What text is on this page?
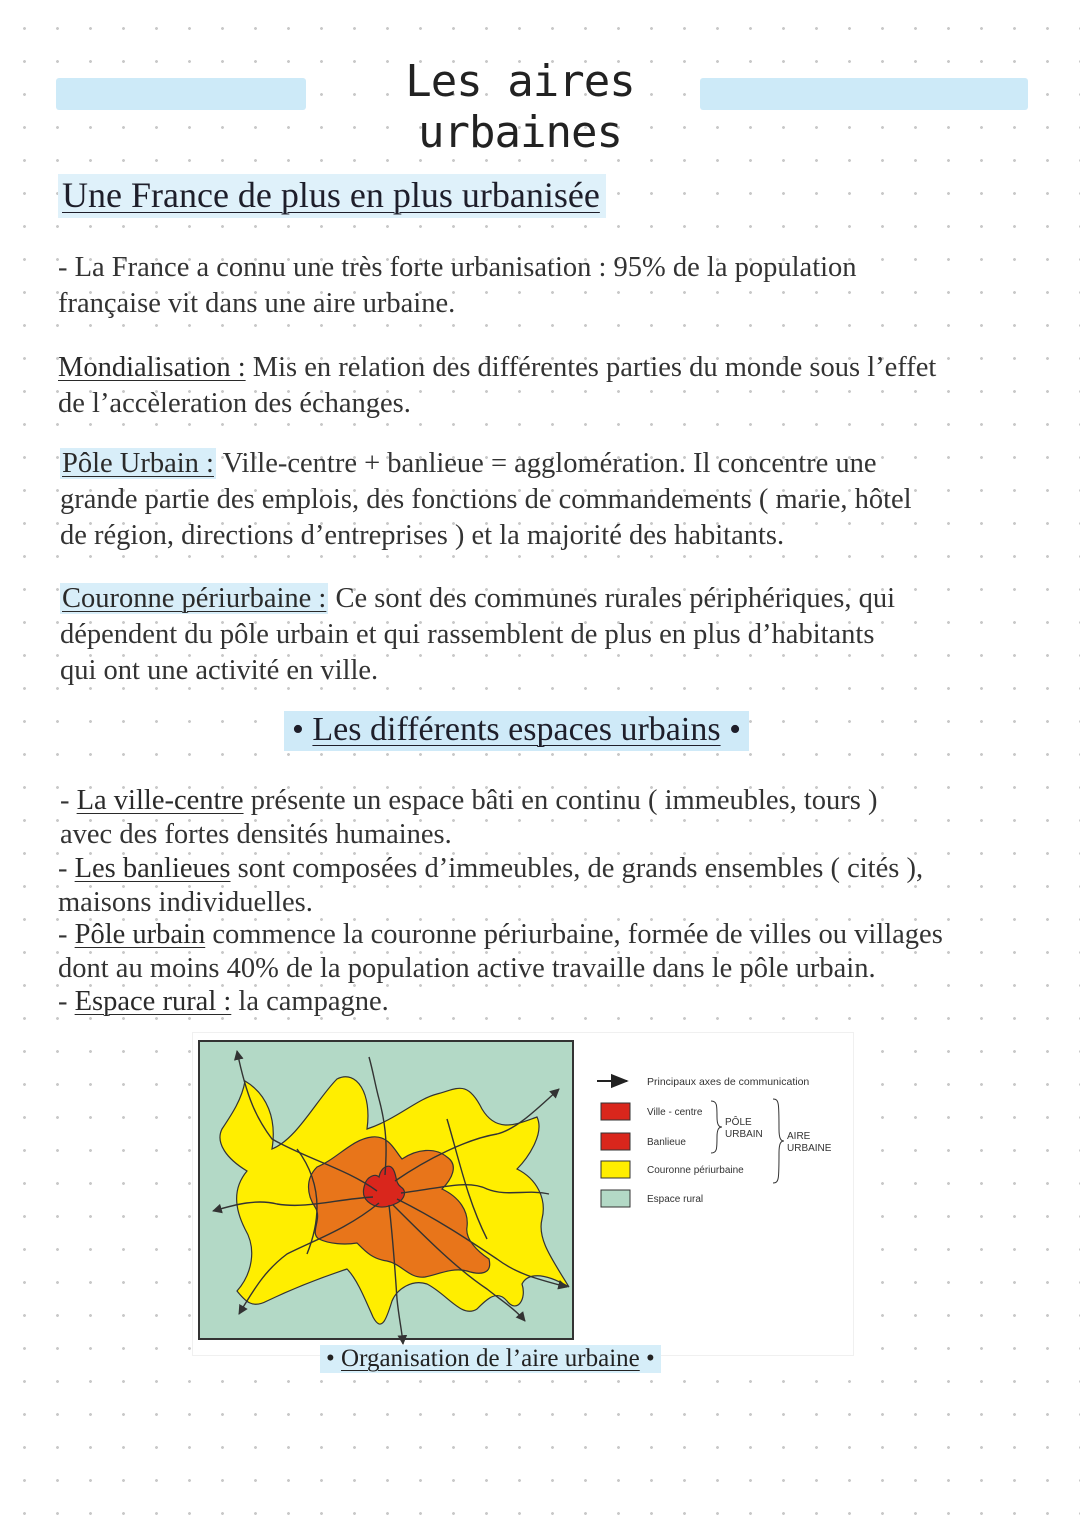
Les aires urbaines
Une France de plus en plus urbanisée

- La France a connu une très forte urbanisation : 95% de la population
française vit dans une aire urbaine.

Mondialisation : Mis en relation des différentes parties du monde sous l’effet
de l’accèleration des échanges.

Pôle Urbain : Ville-centre + banlieue = agglomération. Il concentre une
grande partie des emplois, des fonctions de commandements ( marie, hôtel
de région, directions d’entreprises ) et la majorité des habitants.

Couronne périurbaine : Ce sont des communes rurales périphériques, qui
dépendent du pôle urbain et qui rassemblent de plus en plus d’habitants
qui ont une activité en ville.

• Les différents espaces urbains •

- La ville-centre présente un espace bâti en continu ( immeubles, tours )
avec des fortes densités humaines.

- Les banlieues sont composées d’immeubles, de grands ensembles ( cités ),
maisons individuelles.

- Pôle urbain commence la couronne périurbaine, formée de villes ou villages
dont au moins 40% de la population active travaille dans le pôle urbain.

- Espace rural : la campagne.

Principaux axes de communication
Ville - centre
Banlieue
Couronne périurbaine
Espace rural
PÔLE
URBAIN AIRE
URBAINE
• Organisation de l’aire urbaine •
